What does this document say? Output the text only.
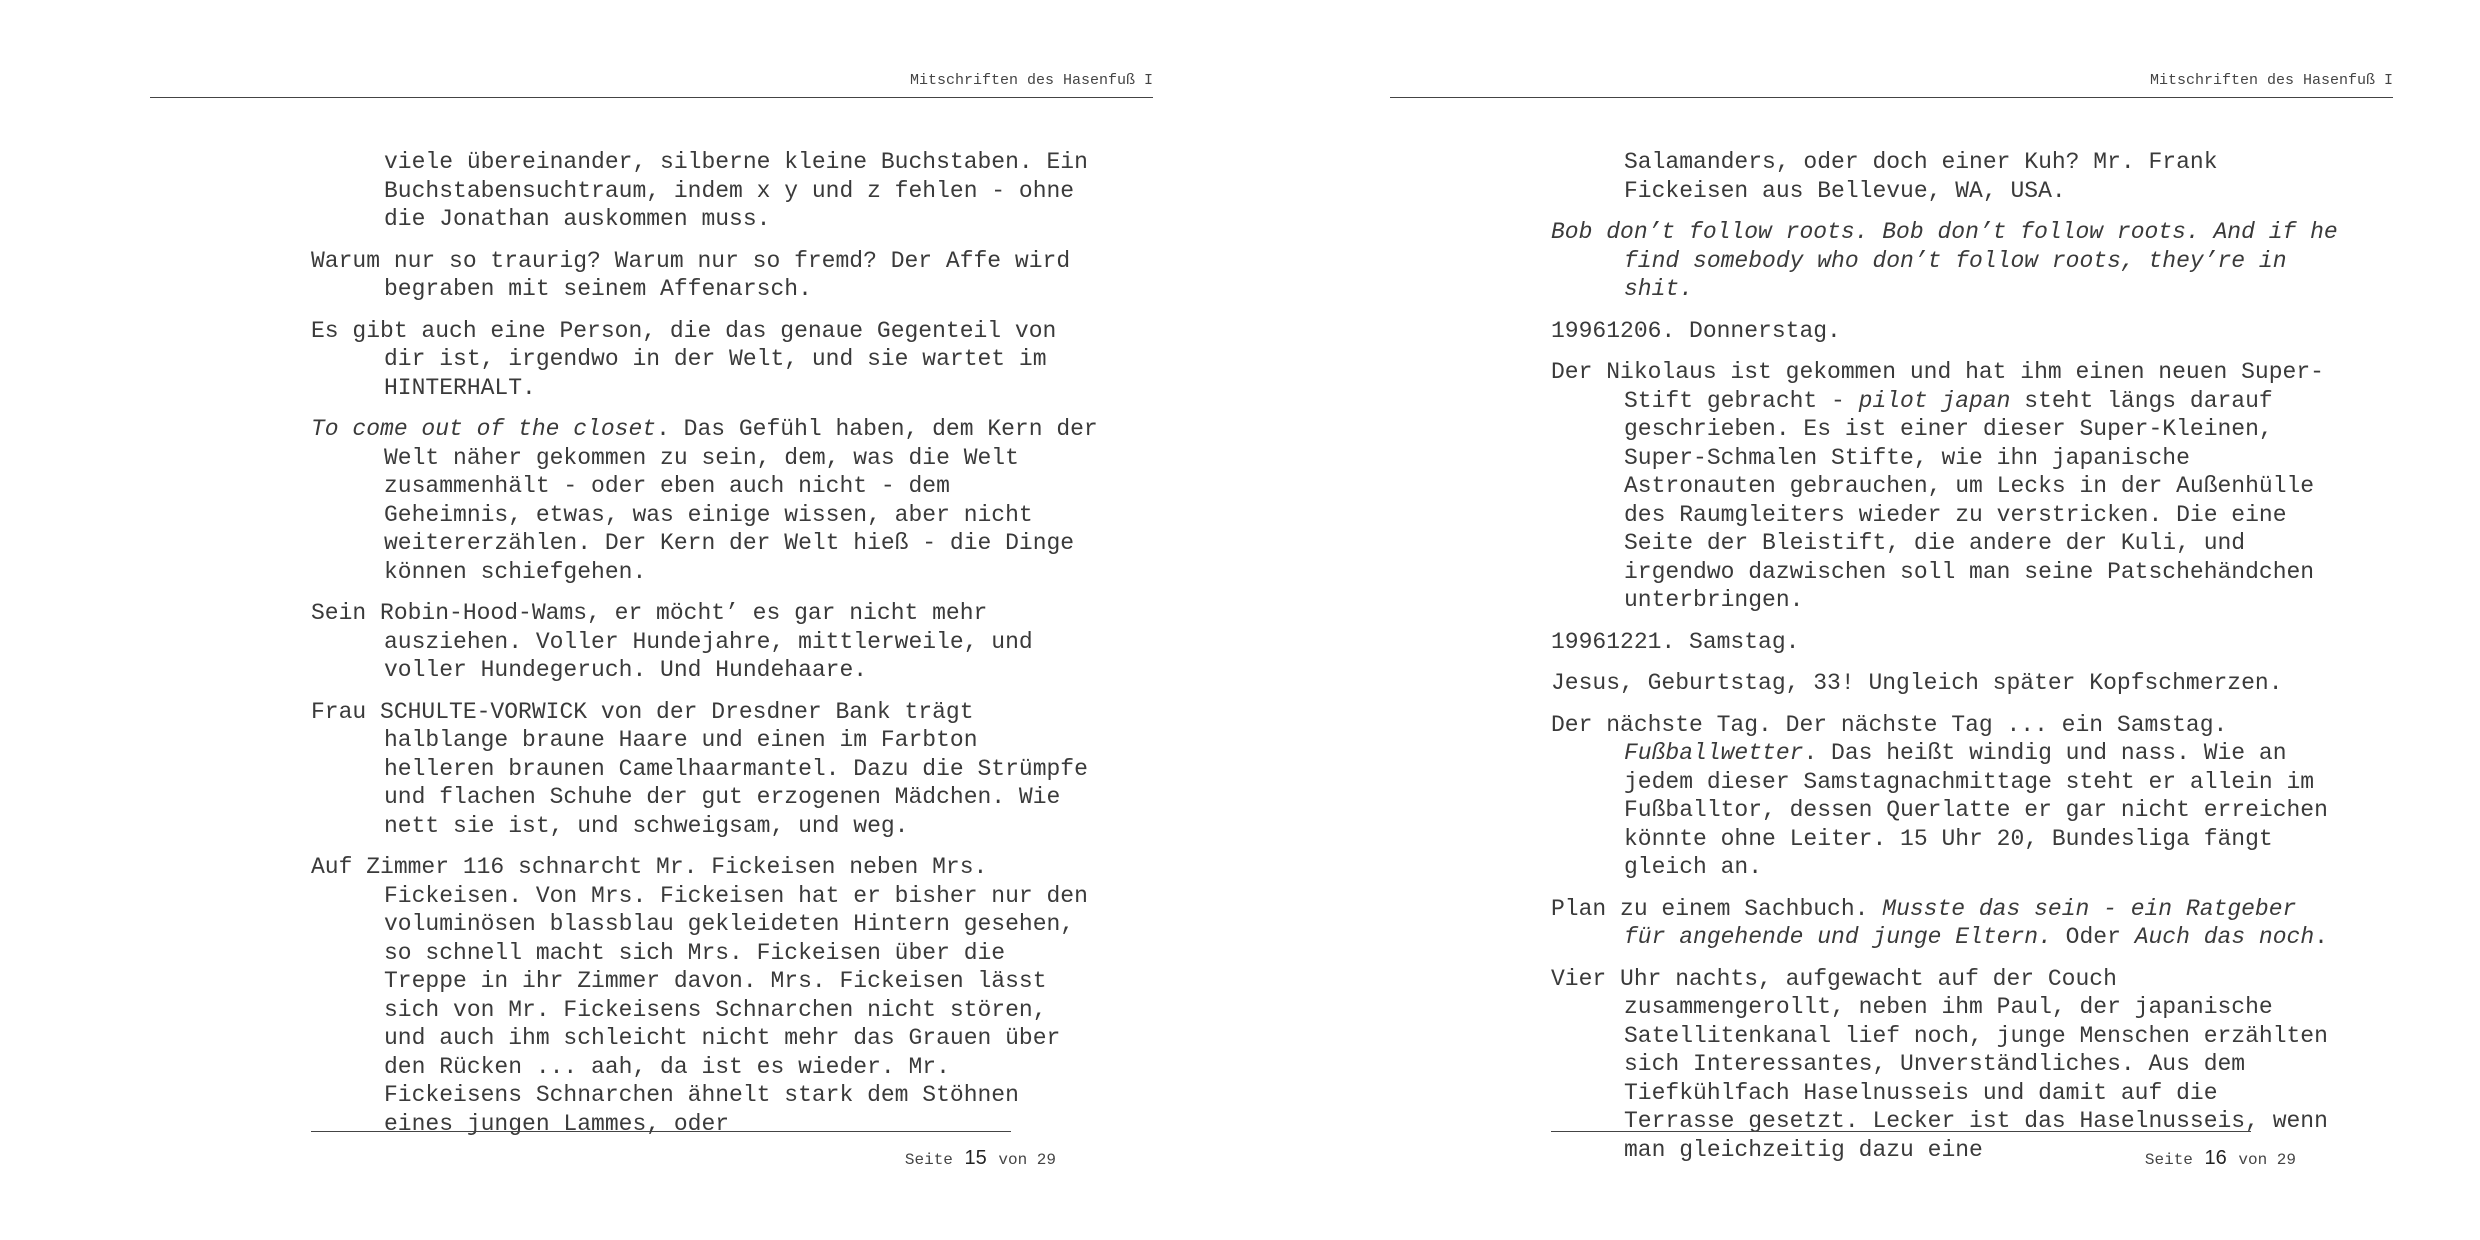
Mitschriften des Hasenfuß I

viele übereinander, silberne kleine Buchstaben. Ein Buchstabensuchtraum, indem x y und z fehlen - ohne die Jonathan auskommen muss.

Warum nur so traurig? Warum nur so fremd? Der Affe wird begraben mit seinem Affenarsch.

Es gibt auch eine Person, die das genaue Gegenteil von dir ist, irgendwo in der Welt, und sie wartet im HINTERHALT.

To come out of the closet. Das Gefühl haben, dem Kern der Welt näher gekommen zu sein, dem, was die Welt zusammenhält - oder eben auch nicht - dem Geheimnis, etwas, was einige wissen, aber nicht weitererzählen. Der Kern der Welt hieß - die Dinge können schiefgehen.

Sein Robin-Hood-Wams, er möcht’ es gar nicht mehr ausziehen. Voller Hundejahre, mittlerweile, und voller Hundegeruch. Und Hundehaare.

Frau SCHULTE-VORWICK von der Dresdner Bank trägt halblange braune Haare und einen im Farbton helleren braunen Camelhaarmantel. Dazu die Strümpfe und flachen Schuhe der gut erzogenen Mädchen. Wie nett sie ist, und schweigsam, und weg.

Auf Zimmer 116 schnarcht Mr. Fickeisen neben Mrs. Fickeisen. Von Mrs. Fickeisen hat er bisher nur den voluminösen blassblau gekleideten Hintern gesehen, so schnell macht sich Mrs. Fickeisen über die Treppe in ihr Zimmer davon. Mrs. Fickeisen lässt sich von Mr. Fickeisens Schnarchen nicht stören, und auch ihm schleicht nicht mehr das Grauen über den Rücken ... aah, da ist es wieder. Mr. Fickeisens Schnarchen ähnelt stark dem Stöhnen eines jungen Lammes, oder

Seite 15 von 29
Mitschriften des Hasenfuß I

Salamanders, oder doch einer Kuh? Mr. Frank Fickeisen aus Bellevue, WA, USA.

Bob don’t follow roots. Bob don’t follow roots. And if he find somebody who don’t follow roots, they’re in shit.

19961206. Donnerstag.

Der Nikolaus ist gekommen und hat ihm einen neuen Super-Stift gebracht - pilot japan steht längs darauf geschrieben. Es ist einer dieser Super-Kleinen, Super-Schmalen Stifte, wie ihn japanische Astronauten gebrauchen, um Lecks in der Außenhülle des Raumgleiters wieder zu verstricken. Die eine Seite der Bleistift, die andere der Kuli, und irgendwo dazwischen soll man seine Patschehändchen unterbringen.

19961221. Samstag.

Jesus, Geburtstag, 33! Ungleich später Kopfschmerzen.

Der nächste Tag. Der nächste Tag ... ein Samstag. Fußballwetter. Das heißt windig und nass. Wie an jedem dieser Samstagnachmittage steht er allein im Fußballtor, dessen Querlatte er gar nicht erreichen könnte ohne Leiter. 15 Uhr 20, Bundesliga fängt gleich an.

Plan zu einem Sachbuch. Musste das sein - ein Ratgeber für angehende und junge Eltern. Oder Auch das noch.

Vier Uhr nachts, aufgewacht auf der Couch zusammengerollt, neben ihm Paul, der japanische Satellitenkanal lief noch, junge Menschen erzählten sich Interessantes, Unverständliches. Aus dem Tiefkühlfach Haselnusseis und damit auf die Terrasse gesetzt. Lecker ist das Haselnusseis, wenn man gleichzeitig dazu eine	Seite 16 von 29
